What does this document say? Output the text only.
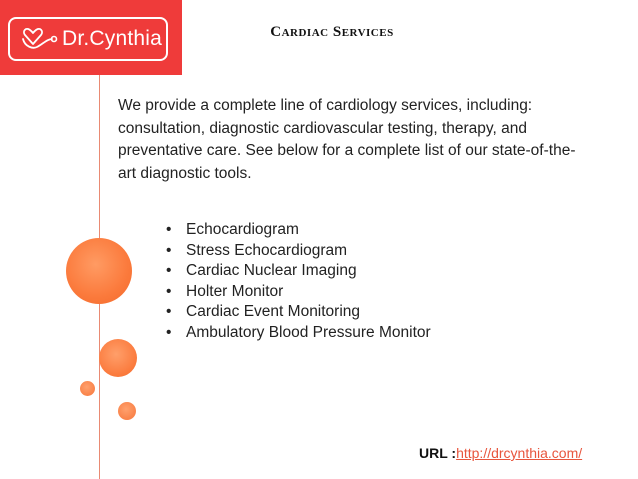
Dr.Cynthia	Cardiac Services
We provide a complete line of cardiology services, including: consultation, diagnostic cardiovascular testing, therapy, and preventative care. See below for a complete list of our state-of-the-art diagnostic tools.
• Echocardiogram
• Stress Echocardiogram
• Cardiac Nuclear Imaging
• Holter Monitor
• Cardiac Event Monitoring
• Ambulatory Blood Pressure Monitor
URL :http://drcynthia.com/
